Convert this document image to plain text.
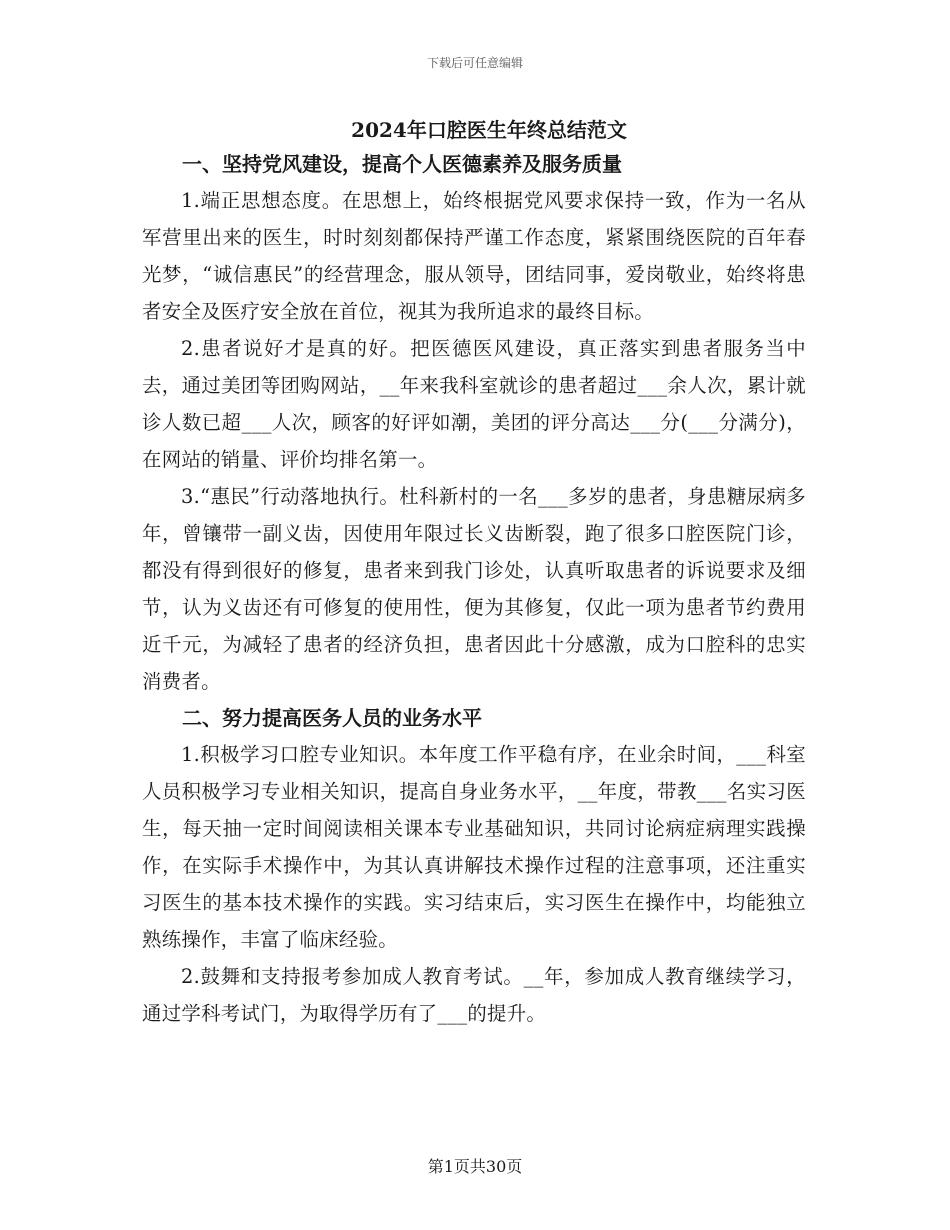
下载后可任意编辑
2024年口腔医生年终总结范文
一、坚持党风建设，提高个人医德素养及服务质量

1.端正思想态度。在思想上，始终根据党风要求保持一致，作为一名从军营里出来的医生，时时刻刻都保持严谨工作态度，紧紧围绕医院的百年春光梦，“诚信惠民”的经营理念，服从领导，团结同事，爱岗敬业，始终将患者安全及医疗安全放在首位，视其为我所追求的最终目标。

2.患者说好才是真的好。把医德医风建设，真正落实到患者服务当中去，通过美团等团购网站，__年来我科室就诊的患者超过___余人次，累计就诊人数已超___人次，顾客的好评如潮，美团的评分高达___分(___分满分)，在网站的销量、评价均排名第一。

3.“惠民”行动落地执行。杜科新村的一名___多岁的患者，身患糖尿病多年，曾镶带一副义齿，因使用年限过长义齿断裂，跑了很多口腔医院门诊，都没有得到很好的修复，患者来到我门诊处，认真听取患者的诉说要求及细节，认为义齿还有可修复的使用性，便为其修复，仅此一项为患者节约费用近千元，为减轻了患者的经济负担，患者因此十分感激，成为口腔科的忠实消费者。

二、努力提高医务人员的业务水平

1.积极学习口腔专业知识。本年度工作平稳有序，在业余时间，___科室人员积极学习专业相关知识，提高自身业务水平，__年度，带教___名实习医生，每天抽一定时间阅读相关课本专业基础知识，共同讨论病症病理实践操作，在实际手术操作中，为其认真讲解技术操作过程的注意事项，还注重实习医生的基本技术操作的实践。实习结束后，实习医生在操作中，均能独立熟练操作，丰富了临床经验。

2.鼓舞和支持报考参加成人教育考试。__年，参加成人教育继续学习，通过学科考试门，为取得学历有了___的提升。

第1页共30页
